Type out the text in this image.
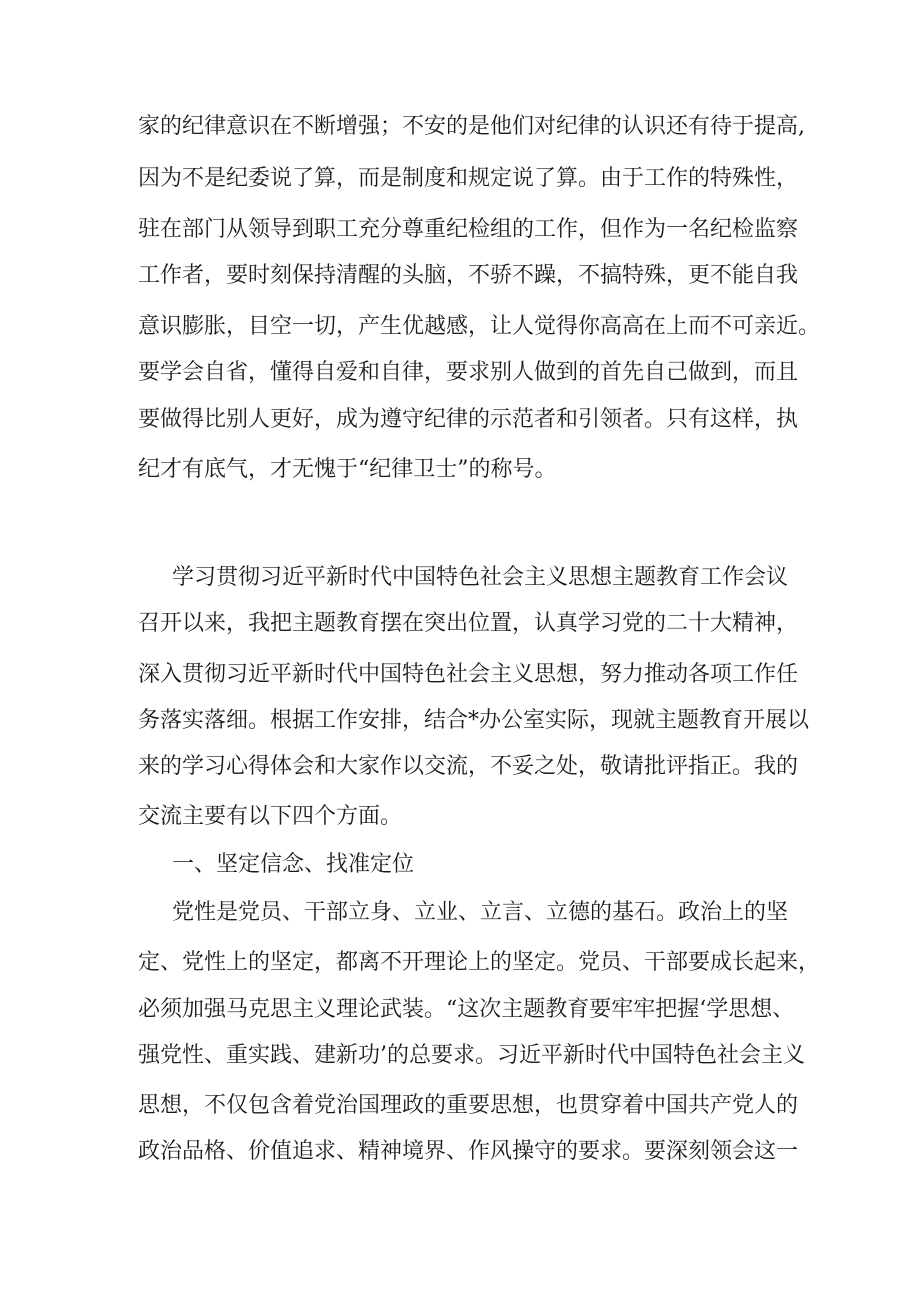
家的纪律意识在不断增强；不安的是他们对纪律的认识还有待于提高,
因为不是纪委说了算，而是制度和规定说了算。由于工作的特殊性，
驻在部门从领导到职工充分尊重纪检组的工作，但作为一名纪检监察
工作者，要时刻保持清醒的头脑，不骄不躁，不搞特殊，更不能自我
意识膨胀，目空一切，产生优越感，让人觉得你高高在上而不可亲近。
要学会自省，懂得自爱和自律，要求别人做到的首先自己做到，而且
要做得比别人更好，成为遵守纪律的示范者和引领者。只有这样，执
纪才有底气，才无愧于“纪律卫士”的称号。
学习贯彻习近平新时代中国特色社会主义思想主题教育工作会议
召开以来，我把主题教育摆在突出位置，认真学习党的二十大精神，
深入贯彻习近平新时代中国特色社会主义思想，努力推动各项工作任
务落实落细。根据工作安排，结合*办公室实际，现就主题教育开展以
来的学习心得体会和大家作以交流，不妥之处，敬请批评指正。我的
交流主要有以下四个方面。
一、坚定信念、找准定位
党性是党员、干部立身、立业、立言、立德的基石。政治上的坚
定、党性上的坚定，都离不开理论上的坚定。党员、干部要成长起来，
必须加强马克思主义理论武装。“这次主题教育要牢牢把握‘学思想、
强党性、重实践、建新功’的总要求。习近平新时代中国特色社会主义
思想，不仅包含着党治国理政的重要思想，也贯穿着中国共产党人的
政治品格、价值追求、精神境界、作风操守的要求。要深刻领会这一
